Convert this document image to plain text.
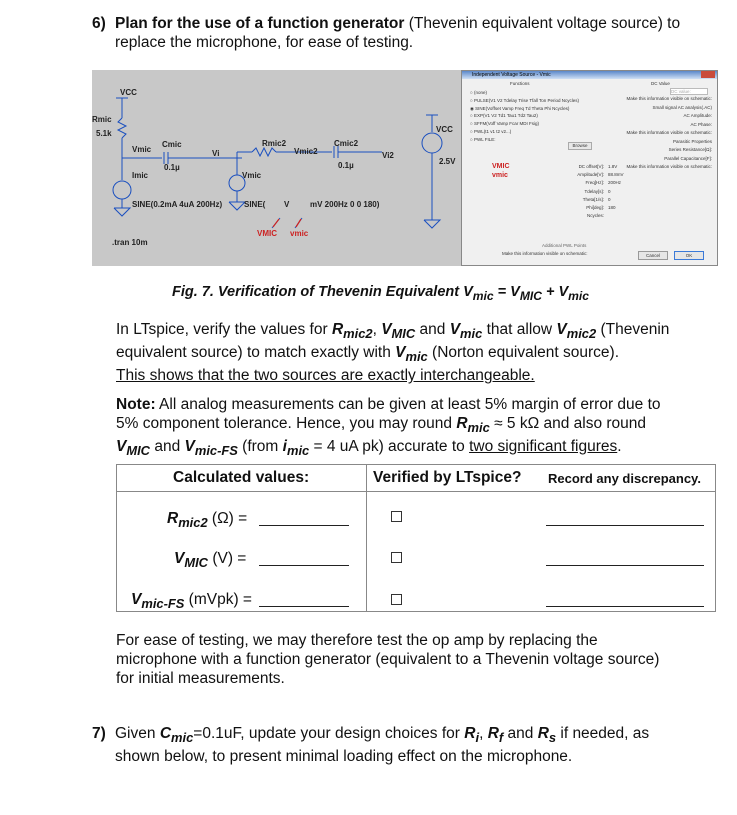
6) Plan for the use of a function generator (Thevenin equivalent voltage source) to replace the microphone, for ease of testing.
VCC
Rmic
5.1k
Vmic
Cmic
0.1µ
Vi
Imic	Vmic
Rmic2
Vmic2
Cmic2
0.1µ
Vi2
VCC
2.5V
SINE(0.2mA 4uA 200Hz)	SINE( V	mV 200Hz 0 0 180)
VMIC vmic
.tran 10m
Independent Voltage Source - Vmic
Functions	DC Value
○ (none)
○ PULSE(V1 V2 Tdelay Trise Tfall Ton Period Ncycles)
◉ SINE(Voffset Vamp Freq Td Theta Phi Ncycles)
○ EXP(V1 V2 Td1 Tau1 Td2 Tau2)
○ SFFM(Voff Vamp Fcar MDI Fsig)
○ PWL(t1 v1 t2 v2...)
○ PWL FILE:
Browse
VMIC
vmic
DC offset[V]:
Amplitude[V]:
Freq[Hz]:
Tdelay[s]:
Theta[1/s]:
Phi[deg]:
Ncycles:
1.8V
88.8mV
200Hz
0
0
180
DC value:
Make this information visible on schematic:
Small signal AC analysis(.AC)
AC Amplitude:
AC Phase:
Make this information visible on schematic:
Parasitic Properties
Series Resistance[Ω]:
Parallel Capacitance[F]:
Make this information visible on schematic:
Additional PWL Points
Make this information visible on schematic:	Cancel	OK
Fig. 7. Verification of Thevenin Equivalent $V_{mic} = V_{MIC} + V_{mic}$
In LTspice, verify the values for $R_{mic2}$, $V_{MIC}$ and $V_{mic}$ that allow $V_{mic2}$ (Thevenin equivalent source) to match exactly with $V_{mic}$ (Norton equivalent source).
This shows that the two sources are exactly interchangeable.
Note: All analog measurements can be given at least 5% margin of error due to 5% component tolerance. Hence, you may round $R_{mic} \approx 5$ kΩ and also round $V_{MIC}$ and $V_{mic-FS}$ (from $i_{mic} = 4$ uA pk) accurate to two significant figures.
Calculated values:	Verified by LTspice? Record any discrepancy.
$R_{mic2}$ (Ω) =
$V_{MIC}$ (V) =
$V_{mic-FS}$ (mVpk) =
For ease of testing, we may therefore test the op amp by replacing the microphone with a function generator (equivalent to a Thevenin voltage source) for initial measurements.
7) Given $C_{mic}=0.1uF$, update your design choices for $R_i$, $R_f$ and $R_s$ if needed, as shown below, to present minimal loading effect on the microphone.
